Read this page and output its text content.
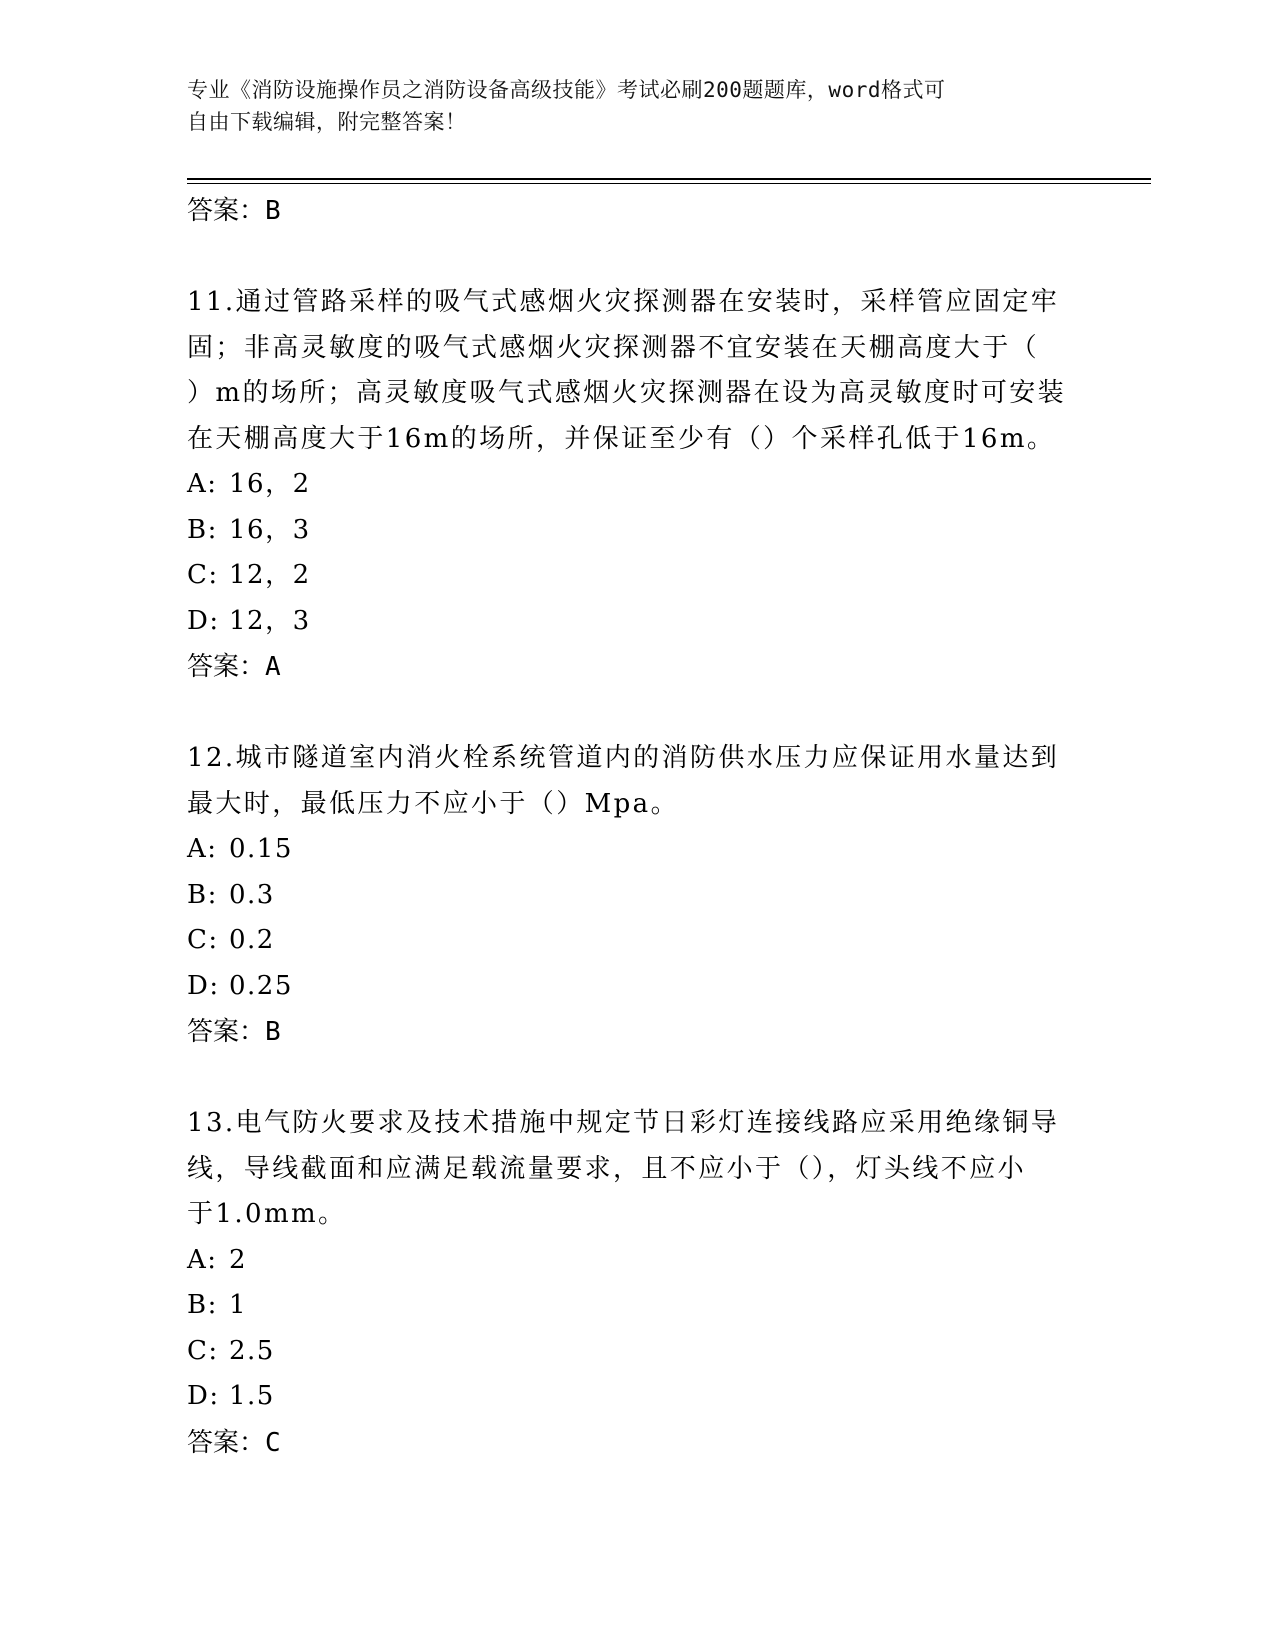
专业《消防设施操作员之消防设备高级技能》考试必刷200题题库，word格式可
自由下载编辑，附完整答案！
答案：B
11.通过管路采样的吸气式感烟火灾探测器在安装时，采样管应固定牢
固；非高灵敏度的吸气式感烟火灾探测器不宜安装在天棚高度大于（
）m的场所；高灵敏度吸气式感烟火灾探测器在设为高灵敏度时可安装
在天棚高度大于16m的场所，并保证至少有（）个采样孔低于16m。
A: 16，2
B: 16，3
C: 12，2
D: 12，3
答案：A
12.城市隧道室内消火栓系统管道内的消防供水压力应保证用水量达到
最大时，最低压力不应小于（）Mpa。
A: 0.15
B: 0.3
C: 0.2
D: 0.25
答案：B
13.电气防火要求及技术措施中规定节日彩灯连接线路应采用绝缘铜导
线，导线截面和应满足载流量要求，且不应小于（），灯头线不应小
于1.0mm。
A: 2
B: 1
C: 2.5
D: 1.5
答案：C
